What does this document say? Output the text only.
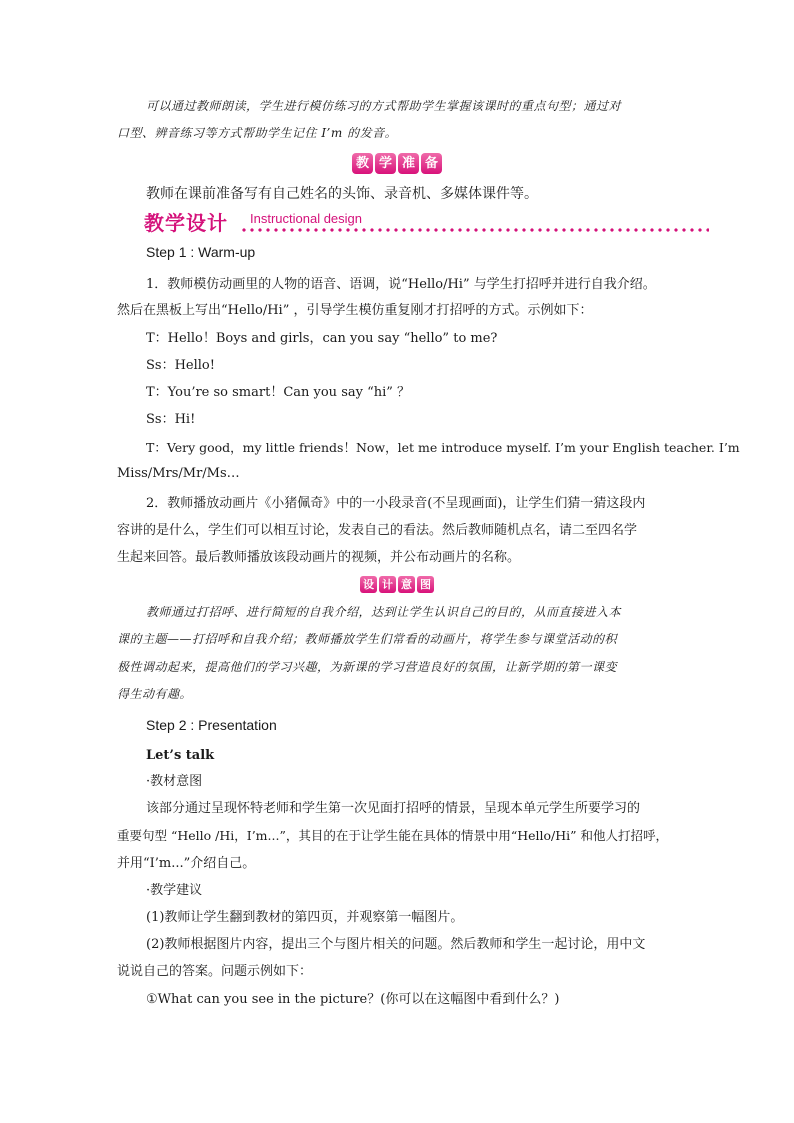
可以通过教师朗读，学生进行模仿练习的方式帮助学生掌握该课时的重点句型；通过对
口型、辨音练习等方式帮助学生记住 I’m 的发音。
教 学 准 备
教师在课前准备写有自己姓名的头饰、录音机、多媒体课件等。
教学设计 Instructional design
Step 1 : Warm-up
1．教师模仿动画里的人物的语音、语调，说“Hello/Hi” 与学生打招呼并进行自我介绍。
然后在黑板上写出“Hello/Hi” ，引导学生模仿重复刚才打招呼的方式。示例如下：
T：Hello！Boys and girls，can you say “hello” to me?
Ss：Hello!
T：You’re so smart！Can you say “hi” ？
Ss：Hi!
T：Very good，my little friends！Now，let me introduce myself. I’m your English teacher. I’m
Miss/Mrs/Mr/Ms…
2．教师播放动画片《小猪佩奇》中的一小段录音(不呈现画面)，让学生们猜一猜这段内
容讲的是什么，学生们可以相互讨论，发表自己的看法。然后教师随机点名，请二至四名学
生起来回答。最后教师播放该段动画片的视频，并公布动画片的名称。
设 计 意 图
教师通过打招呼、进行简短的自我介绍，达到让学生认识自己的目的，从而直接进入本
课的主题——打招呼和自我介绍；教师播放学生们常看的动画片，将学生参与课堂活动的积
极性调动起来，提高他们的学习兴趣，为新课的学习营造良好的氛围，让新学期的第一课变
得生动有趣。
Step 2 : Presentation
Let’s talk
·教材意图
该部分通过呈现怀特老师和学生第一次见面打招呼的情景，呈现本单元学生所要学习的
重要句型 “Hello /Hi，I’m...”，其目的在于让学生能在具体的情景中用“Hello/Hi” 和他人打招呼，
并用“I’m...”介绍自己。
·教学建议
(1)教师让学生翻到教材的第四页，并观察第一幅图片。
(2)教师根据图片内容，提出三个与图片相关的问题。然后教师和学生一起讨论，用中文
说说自己的答案。问题示例如下：
①What can you see in the picture？(你可以在这幅图中看到什么？)
